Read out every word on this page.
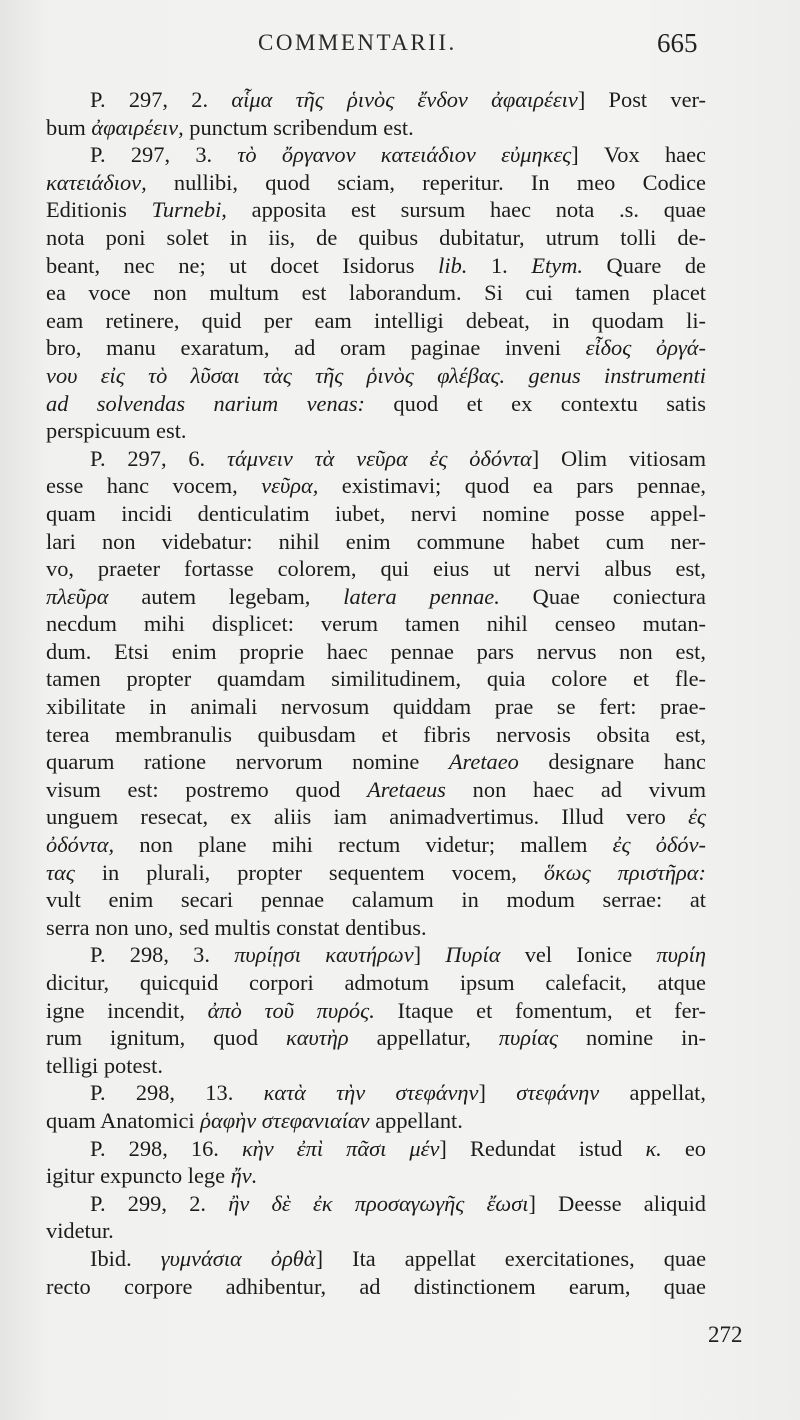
COMMENTARII.	665
P. 297, 2. αἷμα τῆς ῥινὸς ἔνδον ἀφαιρέειν] Post ver-
bum ἀφαιρέειν, punctum scribendum est.
P. 297, 3. τὸ ὄργανον κατειάδιον εὐμηκες] Vox haec
κατειάδιον, nullibi, quod sciam, reperitur. In meo Codice
Editionis Turnebi, apposita est sursum haec nota .s. quae
nota poni solet in iis, de quibus dubitatur, utrum tolli de-
beant, nec ne; ut docet Isidorus lib. 1. Etym. Quare de
ea voce non multum est laborandum. Si cui tamen placet
eam retinere, quid per eam intelligi debeat, in quodam li-
bro, manu exaratum, ad oram paginae inveni εἶδος ὀργά-
νου εἰς τὸ λῦσαι τὰς τῆς ῥινὸς φλέβας. genus instrumenti
ad solvendas narium venas: quod et ex contextu satis
perspicuum est.
P. 297, 6. τάμνειν τὰ νεῦρα ἐς ὀδόντα] Olim vitiosam
esse hanc vocem, νεῦρα, existimavi; quod ea pars pennae,
quam incidi denticulatim iubet, nervi nomine posse appel-
lari non videbatur: nihil enim commune habet cum ner-
vo, praeter fortasse colorem, qui eius ut nervi albus est,
πλεῦρα autem legebam, latera pennae. Quae coniectura
necdum mihi displicet: verum tamen nihil censeo mutan-
dum. Etsi enim proprie haec pennae pars nervus non est,
tamen propter quamdam similitudinem, quia colore et fle-
xibilitate in animali nervosum quiddam prae se fert: prae-
terea membranulis quibusdam et fibris nervosis obsita est,
quarum ratione nervorum nomine Aretaeo designare hanc
visum est: postremo quod Aretaeus non haec ad vivum
unguem resecat, ex aliis iam animadvertimus. Illud vero ἐς
ὀδόντα, non plane mihi rectum videtur; mallem ἐς ὀδόν-
τας in plurali, propter sequentem vocem, ὅκως πριστῆρα:
vult enim secari pennae calamum in modum serrae: at
serra non uno, sed multis constat dentibus.
P. 298, 3. πυρίῃσι καυτήρων] Πυρία vel Ionice πυρίη
dicitur, quicquid corpori admotum ipsum calefacit, atque
igne incendit, ἀπὸ τοῦ πυρός. Itaque et fomentum, et fer-
rum ignitum, quod καυτὴρ appellatur, πυρίας nomine in-
telligi potest.
P. 298, 13. κατὰ τὴν στεφάνην] στεφάνην appellat,
quam Anatomici ῥαφὴν στεφανιαίαν appellant.
P. 298, 16. κὴν ἐπὶ πᾶσι μέν] Redundat istud κ. eo
igitur expuncto lege ἤν.
P. 299, 2. ἢν δὲ ἐκ προσαγωγῆς ἔωσι] Deesse aliquid
videtur.
Ibid. γυμνάσια ὀρθὰ] Ita appellat exercitationes, quae
recto corpore adhibentur, ad distinctionem earum, quae
272
